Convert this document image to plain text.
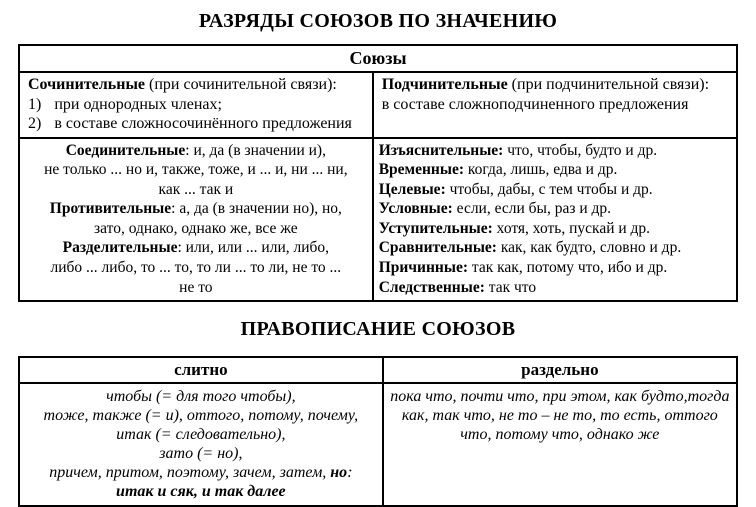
РАЗРЯДЫ СОЮЗОВ ПО ЗНАЧЕНИЮ
Союзы
Сочинительные (при сочинительной связи):
1) при однородных членах;
2) в составе сложносочинённого предложения
Подчинительные (при подчинительной связи):
в составе сложноподчиненного предложения
Соединительные: и, да (в значении и),
не только ... но и, также, тоже, и ... и, ни ... ни,
как ... так и
Противительные: а, да (в значении но), но,
зато, однако, однако же, все же
Разделительные: или, или ... или, либо,
либо ... либо, то ... то, то ли ... то ли, не то ...
не то
Изъяснительные: что, чтобы, будто и др.
Временные: когда, лишь, едва и др.
Целевые: чтобы, дабы, с тем чтобы и др.
Условные: если, если бы, раз и др.
Уступительные: хотя, хоть, пускай и др.
Сравнительные: как, как будто, словно и др.
Причинные: так как, потому что, ибо и др.
Следственные: так что
ПРАВОПИСАНИЕ СОЮЗОВ
слитно	раздельно
чтобы (= для того чтобы),
тоже, также (= и), оттого, потому, почему,
итак (= следовательно),
зато (= но),
причем, притом, поэтому, зачем, затем, но:
итак и сяк, и так далее
пока что, почти что, при этом, как будто,тогда
как, так что, не то – не то, то есть, оттого
что, потому что, однако же
